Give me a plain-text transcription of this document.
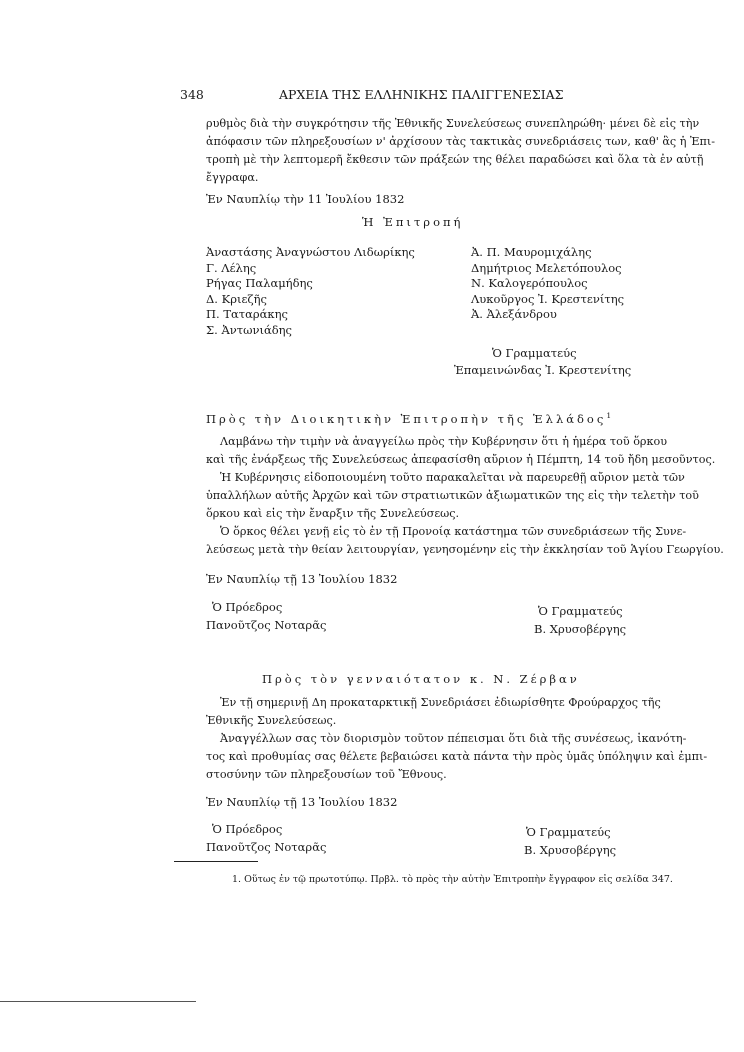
348	ΑΡΧΕΙΑ ΤΗΣ ΕΛΛΗΝΙΚΗΣ ΠΑΛΙΓΓΕΝΕΣΙΑΣ
ρυθμὸς διὰ τὴν συγκρότησιν τῆς Ἐθνικῆς Συνελεύσεως συνεπληρώθη· μένει δὲ εἰς τὴν
ἀπόφασιν τῶν πληρεξουσίων ν' ἀρχίσουν τὰς τακτικὰς συνεδριάσεις των, καθ' ἃς ἡ Ἐπι-
τροπὴ μὲ τὴν λεπτομερῆ ἔκθεσιν τῶν πράξεών της θέλει παραδώσει καὶ ὅλα τὰ ἐν αὐτῇ
ἔγγραφα.
Ἐν Ναυπλίῳ τὴν 11 Ἰουλίου 1832
Ἡ Ἐπιτροπή
Ἀναστάσης Ἀναγνώστου Λιδωρίκης
Γ. Λέλης
Ρήγας Παλαμήδης
Δ. Κριεζῆς
Π. Ταταράκης
Σ. Ἀντωνιάδης
Ἀ. Π. Μαυρομιχάλης
Δημήτριος Μελετόπουλος
Ν. Καλογερόπουλος
Λυκοῦργος Ἰ. Κρεστενίτης
Ἀ. Ἀλεξάνδρου
Ὁ Γραμματεύς
Ἐπαμεινώνδας Ἰ. Κρεστενίτης
Πρὸς τὴν Διοικητικὴν Ἐπιτροπὴν τῆς Ἑλλάδος$^1$
Λαμβάνω τὴν τιμὴν νὰ ἀναγγείλω πρὸς τὴν Κυβέρνησιν ὅτι ἡ ἡμέρα τοῦ ὅρκου
καὶ τῆς ἐνάρξεως τῆς Συνελεύσεως ἀπεφασίσθη αὔριον ἡ Πέμπτη, 14 τοῦ ἤδη μεσοῦντος.
Ἡ Κυβέρνησις εἰδοποιουμένη τοῦτο παρακαλεῖται νὰ παρευρεθῇ αὔριον μετὰ τῶν
ὑπαλλήλων αὐτῆς Ἀρχῶν καὶ τῶν στρατιωτικῶν ἀξιωματικῶν της εἰς τὴν τελετὴν τοῦ
ὅρκου καὶ εἰς τὴν ἔναρξιν τῆς Συνελεύσεως.
Ὁ ὅρκος θέλει γενῇ εἰς τὸ ἐν τῇ Προνοίᾳ κατάστημα τῶν συνεδριάσεων τῆς Συνε-
λεύσεως μετὰ τὴν θείαν λειτουργίαν, γενησομένην εἰς τὴν ἐκκλησίαν τοῦ Ἁγίου Γεωργίου.
Ἐν Ναυπλίῳ τῇ 13 Ἰουλίου 1832
Ὁ Πρόεδρος
Πανοῦτζος Νοταρᾶς
Ὁ Γραμματεύς
Β. Χρυσοβέργης
Πρὸς τὸν γενναιότατον κ. Ν. Ζέρβαν
Ἐν τῇ σημερινῇ Δη προκαταρκτικῇ Συνεδριάσει ἐδιωρίσθητε Φρούραρχος τῆς
Ἐθνικῆς Συνελεύσεως.
Ἀναγγέλλων σας τὸν διορισμὸν τοῦτον πέπεισμαι ὅτι διὰ τῆς συνέσεως, ἱκανότη-
τος καὶ προθυμίας σας θέλετε βεβαιώσει κατὰ πάντα τὴν πρὸς ὑμᾶς ὑπόληψιν καὶ ἐμπι-
στοσύνην τῶν πληρεξουσίων τοῦ Ἔθνους.
Ἐν Ναυπλίῳ τῇ 13 Ἰουλίου 1832
Ὁ Πρόεδρος
Πανοῦτζος Νοταρᾶς
Ὁ Γραμματεύς
Β. Χρυσοβέργης
1. Οὕτως ἐν τῷ πρωτοτύπῳ. Πρβλ. τὸ πρὸς τὴν αὐτὴν Ἐπιτροπὴν ἔγγραφον εἰς σελίδα 347.
